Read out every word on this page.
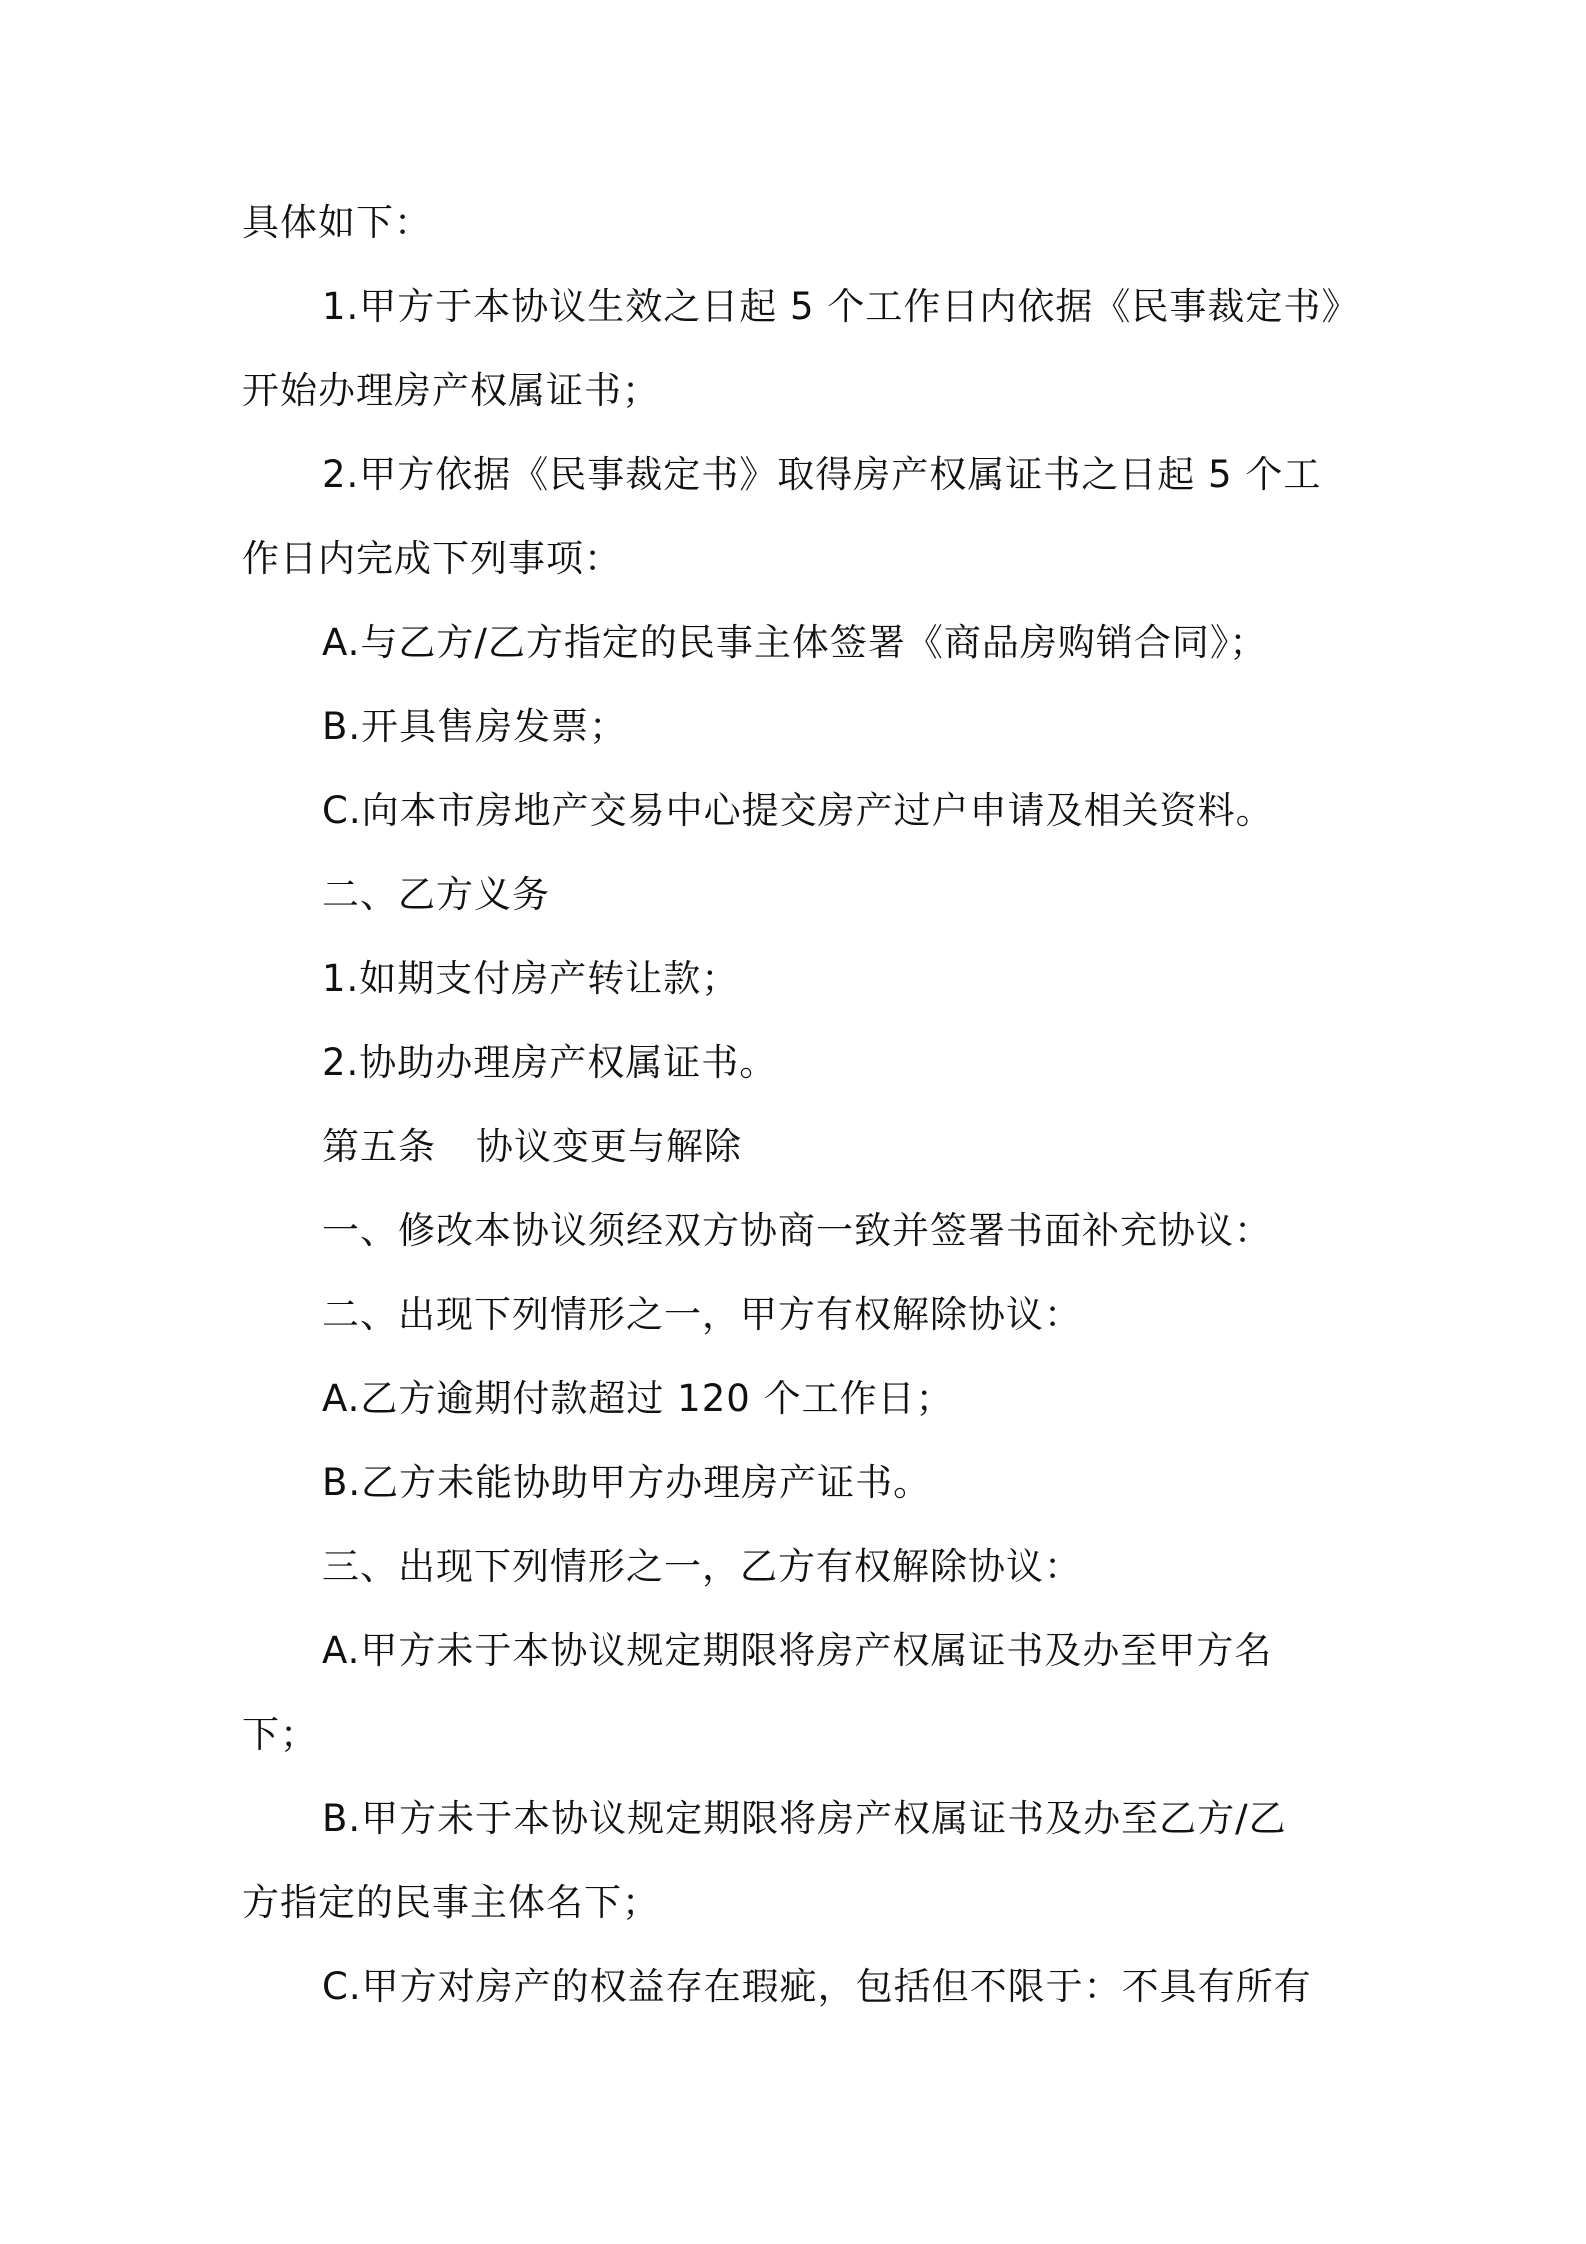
具体如下：
1.甲方于本协议生效之日起 5 个工作日内依据《民事裁定书》
开始办理房产权属证书；
2.甲方依据《民事裁定书》取得房产权属证书之日起 5 个工
作日内完成下列事项：
A.与乙方/乙方指定的民事主体签署《商品房购销合同》；
B.开具售房发票；
C.向本市房地产交易中心提交房产过户申请及相关资料。
二、乙方义务
1.如期支付房产转让款；
2.协助办理房产权属证书。
第五条 协议变更与解除
一、修改本协议须经双方协商一致并签署书面补充协议：
二、出现下列情形之一，甲方有权解除协议：
A.乙方逾期付款超过 120 个工作日；
B.乙方未能协助甲方办理房产证书。
三、出现下列情形之一，乙方有权解除协议：
A.甲方未于本协议规定期限将房产权属证书及办至甲方名
下；
B.甲方未于本协议规定期限将房产权属证书及办至乙方/乙
方指定的民事主体名下；
C.甲方对房产的权益存在瑕疵，包括但不限于：不具有所有
